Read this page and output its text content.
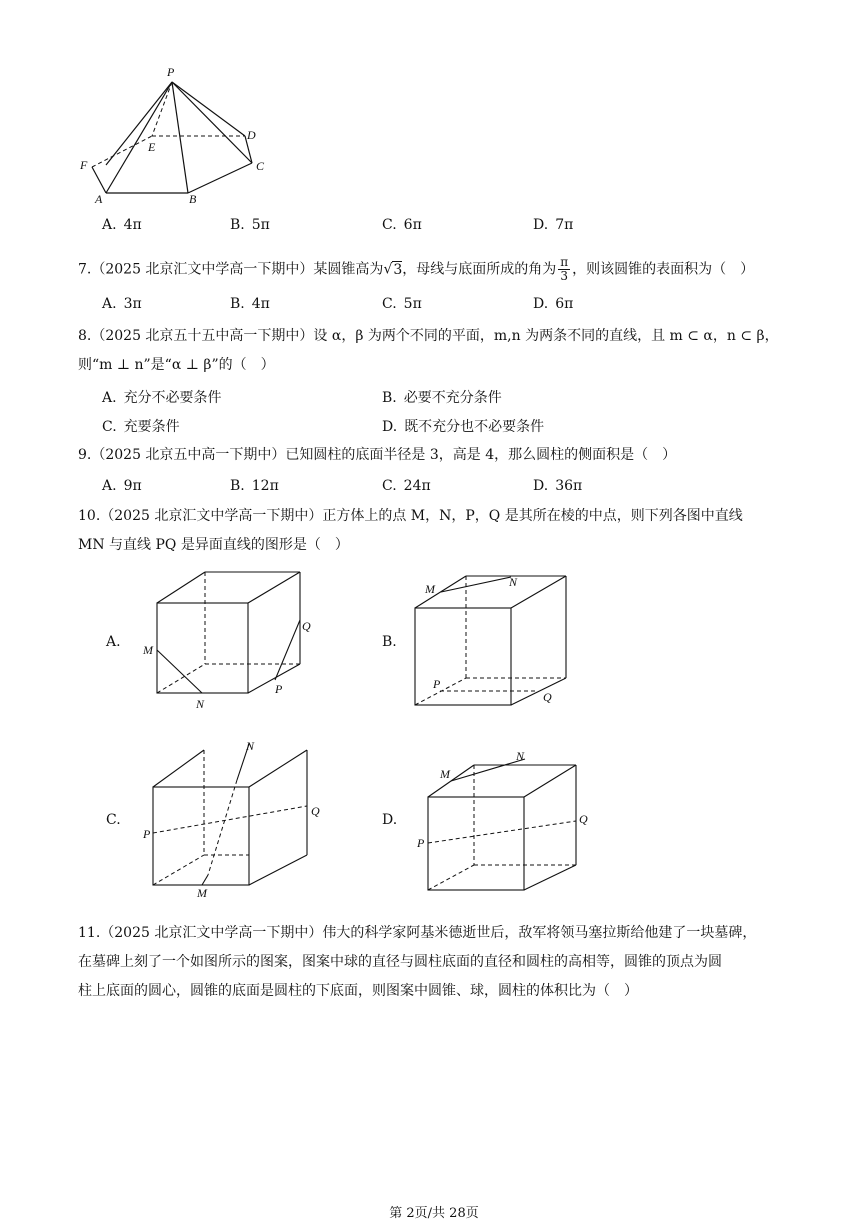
P
D
E
F	C
A	B
A.  4π	B.  5π	C.  6π	D.  7π
7.（2025 北京汇文中学高一下期中）某圆锥高为√3，母线与底面所成的角为 $\frac{\pi}{3}$ ，则该圆锥的表面积为（　）
A.  3π	B.  4π	C.  5π	D.  6π
8.（2025 北京五十五中高一下期中）设 α，β 为两个不同的平面，m,n 为两条不同的直线，且 m ⊂ α，n ⊂ β，
则“m ⊥ n”是“α ⊥ β”的（　）
A.  充分不必要条件	B.  必要不充分条件
C.  充要条件	D.  既不充分也不必要条件
9.（2025 北京五中高一下期中）已知圆柱的底面半径是 3，高是 4，那么圆柱的侧面积是（　）
A.  9π	B.  12π	C.  24π	D.  36π
10.（2025 北京汇文中学高一下期中）正方体上的点 M，N，P，Q 是其所在棱的中点，则下列各图中直线
MN 与直线 PQ 是异面直线的图形是（　）
A. M
N
P
Q
B.
M	N
P
Q
C.
N
M
P
Q
D.
M
N
P
Q
11.（2025 北京汇文中学高一下期中）伟大的科学家阿基米德逝世后，敌军将领马塞拉斯给他建了一块墓碑，
在墓碑上刻了一个如图所示的图案，图案中球的直径与圆柱底面的直径和圆柱的高相等，圆锥的顶点为圆
柱上底面的圆心，圆锥的底面是圆柱的下底面，则图案中圆锥、球，圆柱的体积比为（　）
第 2页/共 28页
